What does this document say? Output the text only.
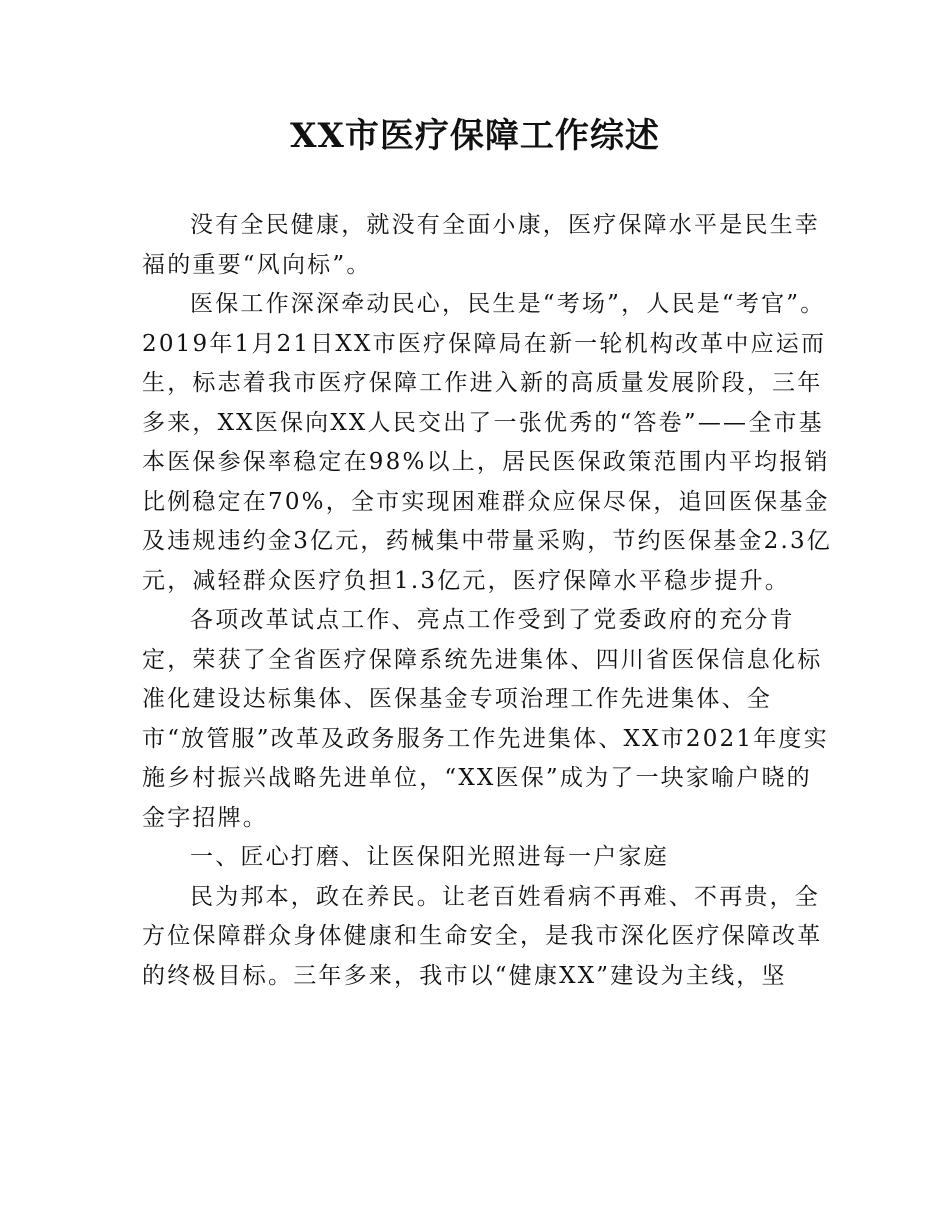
XX市医疗保障工作综述

没有全民健康，就没有全面小康，医疗保障水平是民生幸福的重要“风向标”。

医保工作深深牵动民心，民生是“考场”，人民是“考官”。2019年1月21日XX市医疗保障局在新一轮机构改革中应运而生，标志着我市医疗保障工作进入新的高质量发展阶段，三年多来，XX医保向XX人民交出了一张优秀的“答卷”——全市基本医保参保率稳定在98%以上，居民医保政策范围内平均报销比例稳定在70%，全市实现困难群众应保尽保，追回医保基金及违规违约金3亿元，药械集中带量采购，节约医保基金2.3亿元，减轻群众医疗负担1.3亿元，医疗保障水平稳步提升。

各项改革试点工作、亮点工作受到了党委政府的充分肯定，荣获了全省医疗保障系统先进集体、四川省医保信息化标准化建设达标集体、医保基金专项治理工作先进集体、全市“放管服”改革及政务服务工作先进集体、XX市2021年度实施乡村振兴战略先进单位，“XX医保”成为了一块家喻户晓的金字招牌。

一、匠心打磨、让医保阳光照进每一户家庭

民为邦本，政在养民。让老百姓看病不再难、不再贵，全方位保障群众身体健康和生命安全，是我市深化医疗保障改革的终极目标。三年多来，我市以“健康XX”建设为主线，坚
